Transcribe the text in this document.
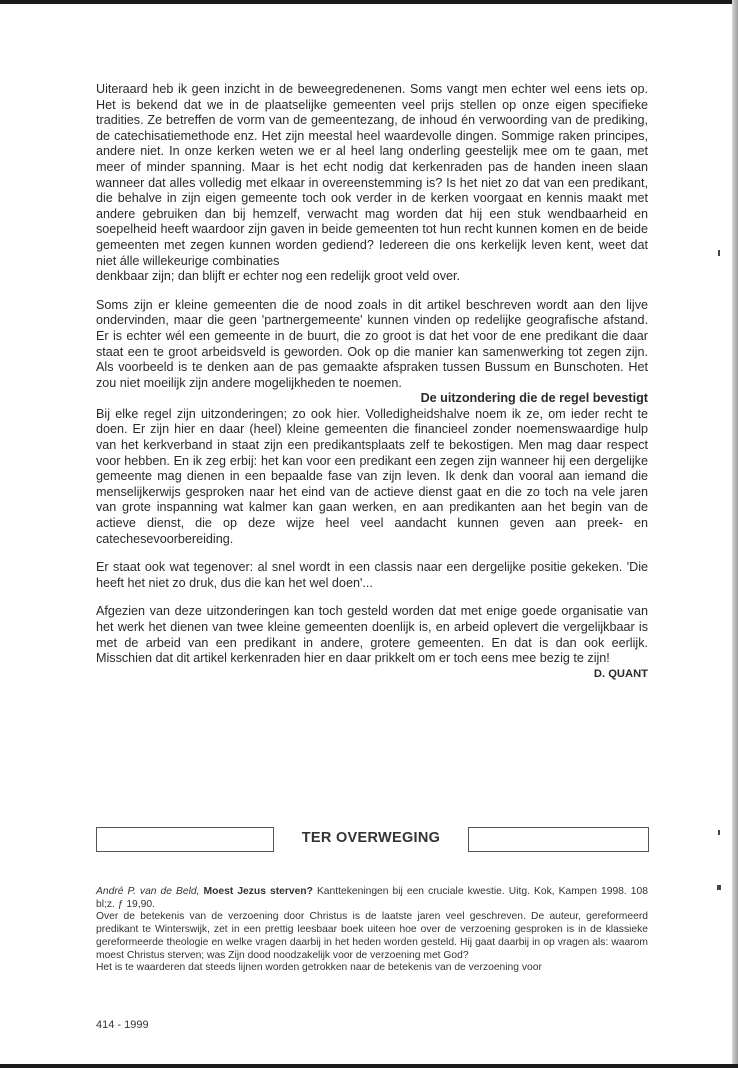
Uiteraard heb ik geen inzicht in de beweegredenenen. Soms vangt men echter wel eens iets op. Het is bekend dat we in de plaatselijke gemeenten veel prijs stellen op onze eigen specifieke tradities. Ze betreffen de vorm van de gemeentezang, de inhoud én verwoording van de prediking, de catechisatiemethode enz. Het zijn meestal heel waardevolle dingen. Sommige raken principes, andere niet. In onze kerken weten we er al heel lang onderling geestelijk mee om te gaan, met meer of minder spanning. Maar is het echt nodig dat kerkenraden pas de handen ineen slaan wanneer dat alles volledig met elkaar in overeenstemming is? Is het niet zo dat van een predikant, die behalve in zijn eigen gemeente toch ook verder in de kerken voorgaat en kennis maakt met andere gebruiken dan bij hemzelf, verwacht mag worden dat hij een stuk wendbaarheid en soepelheid heeft waardoor zijn gaven in beide gemeenten tot hun recht kunnen komen en de beide gemeenten met zegen kunnen worden gediend? Iedereen die ons kerkelijk leven kent, weet dat niet álle willekeurige combinaties

denkbaar zijn; dan blijft er echter nog een redelijk groot veld over.

Soms zijn er kleine gemeenten die de nood zoals in dit artikel beschreven wordt aan den lijve ondervinden, maar die geen 'partnergemeente' kunnen vinden op redelijke geografische afstand. Er is echter wél een gemeente in de buurt, die zo groot is dat het voor de ene predikant die daar staat een te groot arbeidsveld is geworden. Ook op die manier kan samenwerking tot zegen zijn. Als voorbeeld is te denken aan de pas gemaakte afspraken tussen Bussum en Bunschoten. Het zou niet moeilijk zijn andere mogelijkheden te noemen.

De uitzondering die de regel bevestigt

Bij elke regel zijn uitzonderingen; zo ook hier. Volledigheidshalve noem ik ze, om ieder recht te doen. Er zijn hier en daar (heel) kleine gemeenten die financieel zonder noemenswaardige hulp van het kerkverband in staat zijn een predikantsplaats zelf te bekostigen. Men mag daar respect voor hebben. En ik zeg erbij: het kan voor een predikant een zegen zijn wanneer hij een dergelijke gemeente mag dienen in een bepaalde fase van zijn leven. Ik denk dan vooral aan iemand die menselijkerwijs gesproken naar het eind van de actieve dienst gaat en die zo toch na vele jaren van grote inspanning wat kalmer kan gaan werken, en aan predikanten aan het begin van de actieve dienst, die op deze wijze heel veel aandacht kunnen geven aan preek- en catechesevoorbereiding.

Er staat ook wat tegenover: al snel wordt in een classis naar een dergelijke positie gekeken. 'Die heeft het niet zo druk, dus die kan het wel doen'...

Afgezien van deze uitzonderingen kan toch gesteld worden dat met enige goede organisatie van het werk het dienen van twee kleine gemeenten doenlijk is, en arbeid oplevert die vergelijkbaar is met de arbeid van een predikant in andere, grotere gemeenten. En dat is dan ook eerlijk. Misschien dat dit artikel kerkenraden hier en daar prikkelt om er toch eens mee bezig te zijn!

D. QUANT

TER OVERWEGING

André P. van de Beld, Moest Jezus sterven? Kanttekeningen bij een cruciale kwestie. Uitg. Kok, Kampen 1998. 108 bl;z. ƒ 19,90.

Over de betekenis van de verzoening door Christus is de laatste jaren veel geschreven. De auteur, gereformeerd predikant te Winterswijk, zet in een prettig leesbaar boek uiteen hoe over de verzoening gesproken is in de klassieke gereformeerde theologie en welke vragen daarbij in het heden worden gesteld. Hij gaat daarbij in op vragen als: waarom moest Christus sterven; was Zijn dood noodzakelijk voor de verzoening met God?

Het is te waarderen dat steeds lijnen worden getrokken naar de betekenis van de verzoening voor

414 - 1999
